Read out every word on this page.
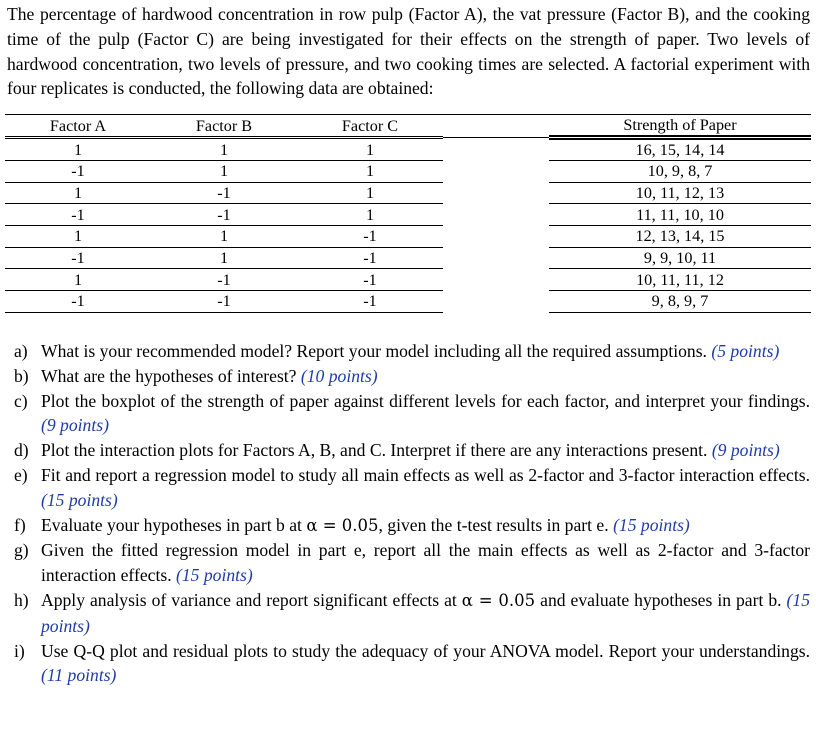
The percentage of hardwood concentration in row pulp (Factor A), the vat pressure (Factor B), and the cooking time of the pulp (Factor C) are being investigated for their effects on the strength of paper. Two levels of hardwood concentration, two levels of pressure, and two cooking times are selected. A factorial experiment with four replicates is conducted, the following data are obtained:

Factor A	Factor B	Factor C		Strength of Paper
1	1	1		16, 15, 14, 14
-1	1	1		10, 9, 8, 7
1	-1	1		10, 11, 12, 13
-1	-1	1		11, 11, 10, 10
1	1	-1		12, 13, 14, 15
-1	1	-1		9, 9, 10, 11
1	-1	-1		10, 11, 11, 12
-1	-1	-1		9, 8, 9, 7
a) What is your recommended model? Report your model including all the required assumptions. (5 points)
b) What are the hypotheses of interest? (10 points)
c) Plot the boxplot of the strength of paper against different levels for each factor, and interpret your findings. (9 points)
d) Plot the interaction plots for Factors A, B, and C. Interpret if there are any interactions present. (9 points)
e) Fit and report a regression model to study all main effects as well as 2-factor and 3-factor interaction effects. (15 points)
f) Evaluate your hypotheses in part b at α = 0.05, given the t-test results in part e. (15 points)
g) Given the fitted regression model in part e, report all the main effects as well as 2-factor and 3-factor interaction effects. (15 points)
h) Apply analysis of variance and report significant effects at α = 0.05 and evaluate hypotheses in part b. (15 points)
i) Use Q-Q plot and residual plots to study the adequacy of your ANOVA model. Report your understandings. (11 points)
